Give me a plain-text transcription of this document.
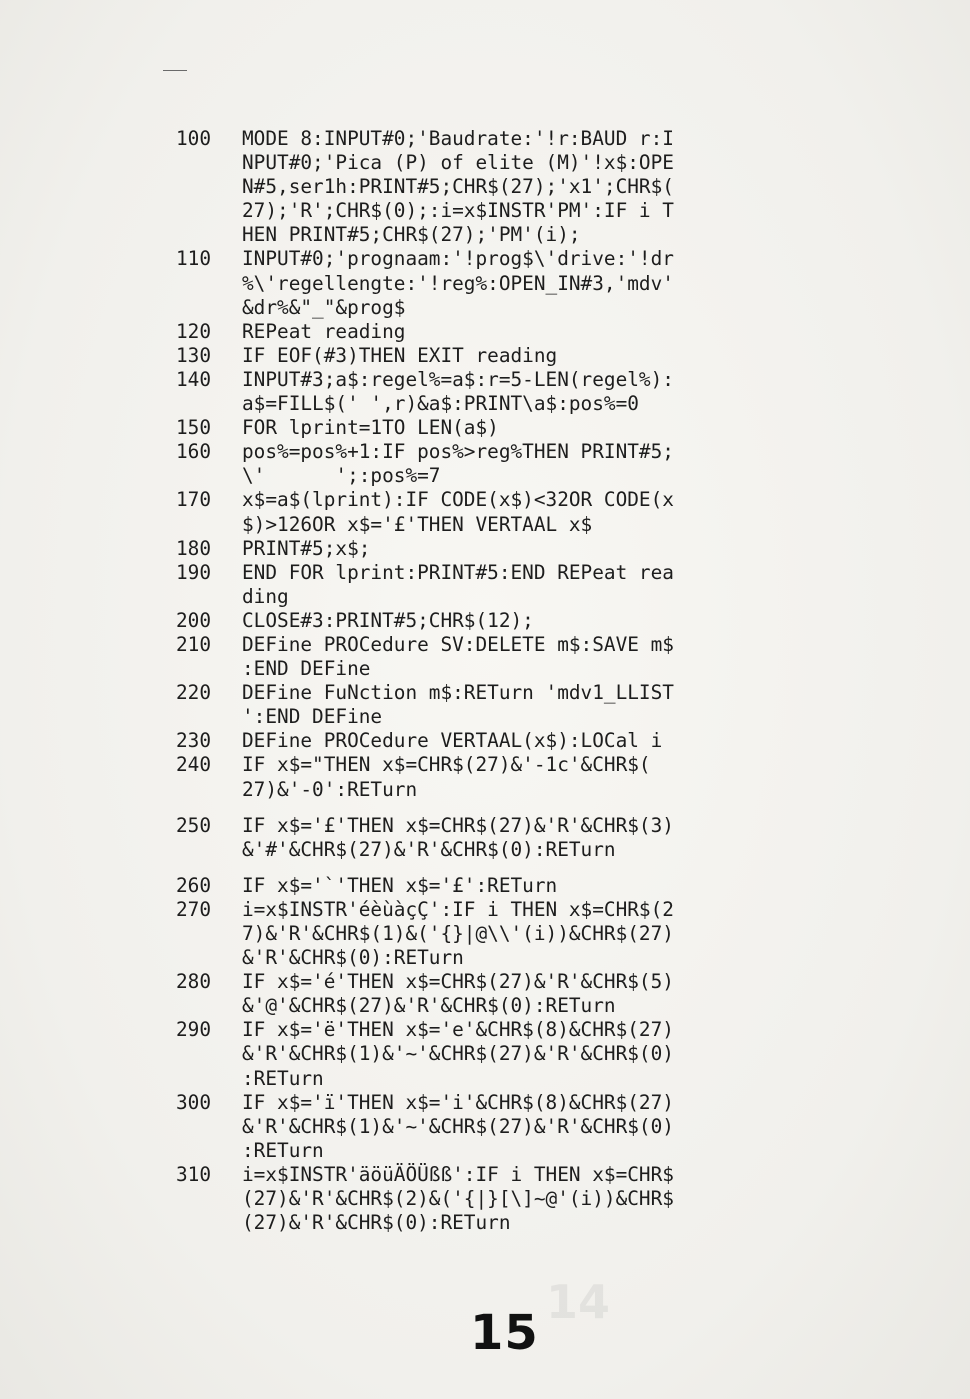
100	MODE 8:INPUT#0;'Baudrate:'!r:BAUD r:I
NPUT#0;'Pica (P) of elite (M)'!x$:OPE
N#5,ser1h:PRINT#5;CHR$(27);'x1';CHR$(
27);'R';CHR$(0);:i=x$INSTR'PM':IF i T
HEN PRINT#5;CHR$(27);'PM'(i);
110	INPUT#0;'prognaam:'!prog$\'drive:'!dr
%\'regellengte:'!reg%:OPEN_IN#3,'mdv'
&dr%&"_"&prog$
120	REPeat reading
130	IF EOF(#3)THEN EXIT reading
140	INPUT#3;a$:regel%=a$:r=5-LEN(regel%):
a$=FILL$(' ',r)&a$:PRINT\a$:pos%=0
150	FOR lprint=1TO LEN(a$)
160	pos%=pos%+1:IF pos%>reg%THEN PRINT#5;
\'      ';:pos%=7
170	x$=a$(lprint):IF CODE(x$)<32OR CODE(x
$)>126OR x$='£'THEN VERTAAL x$
180	PRINT#5;x$;
190	END FOR lprint:PRINT#5:END REPeat rea
ding
200	CLOSE#3:PRINT#5;CHR$(12);
210	DEFine PROCedure SV:DELETE m$:SAVE m$
:END DEFine
220	DEFine FuNction m$:RETurn 'mdv1_LLIST
':END DEFine
230	DEFine PROCedure VERTAAL(x$):LOCal i
240	IF x$="THEN x$=CHR$(27)&'-1c'&CHR$(
27)&'-0':RETurn
250	IF x$='£'THEN x$=CHR$(27)&'R'&CHR$(3)
&'#'&CHR$(27)&'R'&CHR$(0):RETurn
260	IF x$='`'THEN x$='£':RETurn
270	i=x$INSTR'éèùàçÇ':IF i THEN x$=CHR$(2
7)&'R'&CHR$(1)&('{}|@\\'(i))&CHR$(27)
&'R'&CHR$(0):RETurn
280	IF x$='é'THEN x$=CHR$(27)&'R'&CHR$(5)
&'@'&CHR$(27)&'R'&CHR$(0):RETurn
290	IF x$='ë'THEN x$='e'&CHR$(8)&CHR$(27)
&'R'&CHR$(1)&'~'&CHR$(27)&'R'&CHR$(0)
:RETurn
300	IF x$='ï'THEN x$='i'&CHR$(8)&CHR$(27)
&'R'&CHR$(1)&'~'&CHR$(27)&'R'&CHR$(0)
:RETurn
310	i=x$INSTR'äöüÄÖÜßß':IF i THEN x$=CHR$
(27)&'R'&CHR$(2)&('{|}[\]~@'(i))&CHR$
(27)&'R'&CHR$(0):RETurn
14
15
